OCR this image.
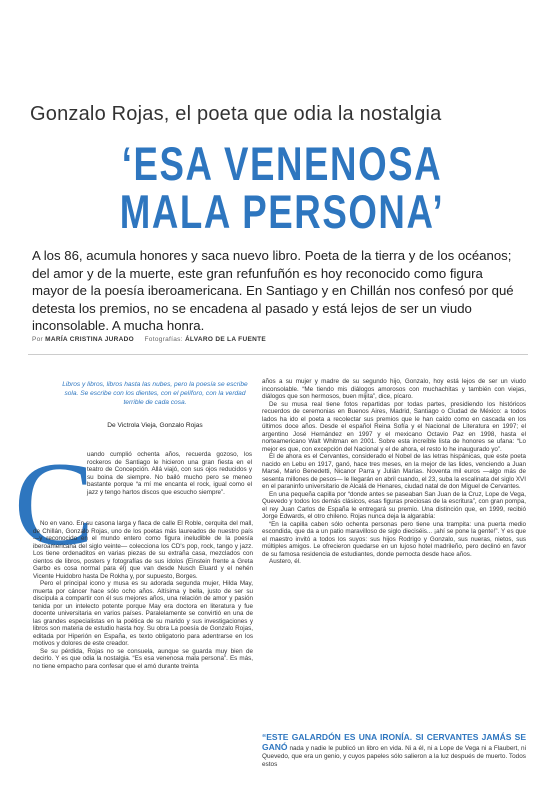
Gonzalo Rojas, el poeta que odia la nostalgia
‘ESA VENENOSA
MALA PERSONA’

A los 86, acumula honores y saca nuevo libro. Poeta de la tierra y de los océanos; del amor y de la muerte, este gran refunfuñón es hoy reconocido como figura mayor de la poesía iberoamericana. En Santiago y en Chillán nos confesó por qué detesta los premios, no se encadena al pasado y está lejos de ser un viudo inconsolable. A mucha honra.

Por MARÍA CRISTINA JURADO Fotografías: ÁLVARO DE LA FUENTE

Libros y libros, libros hasta las nubes, pero la poesía se escribe sola. Se escribe con los dientes, con el pelíforo, con la verdad terrible de cada cosa.

De Victrola Vieja, Gonzalo Rojas

C

uando cumplió ochenta años, recuerda gozoso, los rockeros de Santiago le hicieron una gran fiesta en el teatro de Concepción. Allá viajó, con sus ojos reducidos y su boina de siempre. No bailó mucho pero se meneo bastante porque “a mí me encanta el rock, igual como el jazz y tengo hartos discos que escucho siempre”.

No en vano. En su casona larga y flaca de calle El Roble, cerquita del mall, de Chillán, Gonzalo Rojas, uno de los poetas más laureados de nuestro país —y reconocido en el mundo entero como figura ineludible de la poesía iberoamericana del siglo veinte— colecciona los CD's pop, rock, tango y jazz. Los tiene ordenaditos en varias piezas de su extraña casa, mezclados con cientos de libros, posters y fotografías de sus ídolos (Einstein frente a Greta Garbo es cosa normal para él) que van desde Nusch Eluard y el nehén Vicente Huidobro hasta De Rokha y, por supuesto, Borges.

Pero el principal icono y musa es su adorada segunda mujer, Hilda May, muerta por cáncer hace sólo ocho años. Altísima y bella, justo de ser su discípula a compartir con él sus mejores años, una relación de amor y pasión tenida por un intelecto potente porque May era doctora en literatura y fue docente universitaria en varios países. Paralelamente se convirtió en una de las grandes especialistas en la poética de su marido y sus investigaciones y libros son materia de estudio hasta hoy. Su obra La poesía de Gonzalo Rojas, editada por Hiperión en España, es texto obligatorio para adentrarse en los motivos y dolores de este creador.

Se su pérdida, Rojas no se consuela, aunque se guarda muy bien de decirlo. Y es que odia la nostalgia. “Es esa venenosa mala persona”. Es más, no tiene empacho para confesar que el amó durante treinta

años a su mujer y madre de su segundo hijo, Gonzalo, hoy está lejos de ser un viudo inconsolable. “Me tiendo mis diálogos amorosos con muchachitas y también con viejas, diálogos que son hermosos, buen mijita”, dice, pícaro.

De su musa real tiene fotos repartidas por todas partes, presidiendo los históricos recuerdos de ceremonias en Buenos Aires, Madrid, Santiago o Ciudad de México: a todos lados ha ido el poeta a recolectar sus premios que le han caído como en cascada en los últimos doce años. Desde el español Reina Sofía y el Nacional de Literatura en 1997; el argentino José Hernández en 1997 y el mexicano Octavio Paz en 1998, hasta el norteamericano Walt Whitman en 2001. Sobre esta increíble lista de honores se ufana: “Lo mejor es que, con excepción del Nacional y el de ahora, el resto lo he inaugurado yo”.

El de ahora es el Cervantes, considerado el Nobel de las letras hispánicas, que este poeta nacido en Lebu en 1917, ganó, hace tres meses, en la mejor de las lides, venciendo a Juan Marsé, Mario Benedetti, Nicanor Parra y Julián Marías. Noventa mil euros —algo más de sesenta millones de pesos— le llegarán en abril cuando, el 23, suba la escalinata del siglo XVI en el paraninfo universitario de Alcalá de Henares, ciudad natal de don Miguel de Cervantes.

En una pequeña capilla por “donde antes se paseaban San Juan de la Cruz, Lope de Vega, Quevedo y todos los demás clásicos, esas figuras preciosas de la escritura”, con gran pompa, el rey Juan Carlos de España le entregará su premio. Una distinción que, en 1999, recibió Jorge Edwards, el otro chileno. Rojas nunca deja la algarabía:

“En la capilla caben sólo ochenta personas pero tiene una trampita: una puerta medio escondida, que da a un patio maravilloso de siglo dieciséis... ¡ahí se pone la gente!”. Y es que el maestro invitó a todos los suyos: sus hijos Rodrigo y Gonzalo, sus nueras, nietos, sus múltiples amigos. Le ofrecieron quedarse en un lujoso hotel madrileño, pero declinó en favor de su famosa residencia de estudiantes, donde pernocta desde hace años.

Austero, él.

“ESTE GALARDÓN ES UNA IRONÍA. SI CERVANTES JAMÁS SE GANÓ nada y nadie le publicó un libro en vida. Ni a él, ni a Lope de Vega ni a Flaubert, ni Quevedo, que era un genio, y cuyos papeles sólo salieron a la luz después de muerto. Todos estos
